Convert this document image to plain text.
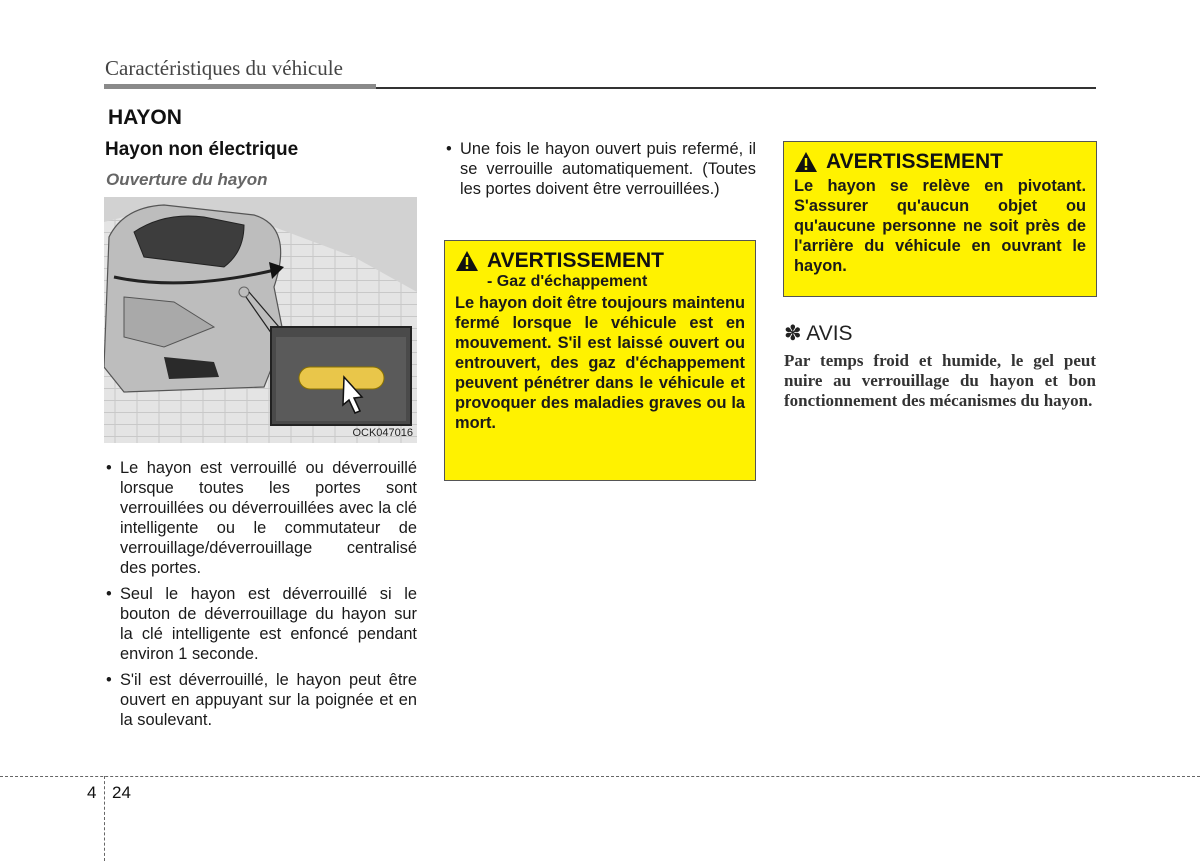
Caractéristiques du véhicule
HAYON
Hayon non électrique
Ouverture du hayon
OCK047016
• Le hayon est verrouillé ou déverrouillé lorsque toutes les portes sont verrouillées ou déverrouillées avec la clé intelligente ou le commutateur de verrouillage/déverrouillage centralisé des portes.
• Seul le hayon est déverrouillé si le bouton de déverrouillage du hayon sur la clé intelligente est enfoncé pendant environ 1 seconde.
• S'il est déverrouillé, le hayon peut être ouvert en appuyant sur la poignée et en la soulevant.
• Une fois le hayon ouvert puis refermé, il se verrouille automatiquement. (Toutes les portes doivent être verrouillées.)
AVERTISSEMENT
- Gaz d'échappement
Le hayon doit être toujours maintenu fermé lorsque le véhicule est en mouvement. S'il est laissé ouvert ou entrouvert, des gaz d'échappement peuvent pénétrer dans le véhicule et provoquer des maladies graves ou la mort.
AVERTISSEMENT
Le hayon se relève en pivotant. S'assurer qu'aucun objet ou qu'aucune personne ne soit près de l'arrière du véhicule en ouvrant le hayon.
✽ AVIS
Par temps froid et humide, le gel peut nuire au verrouillage du hayon et bon fonctionnement des mécanismes du hayon.
4 24
